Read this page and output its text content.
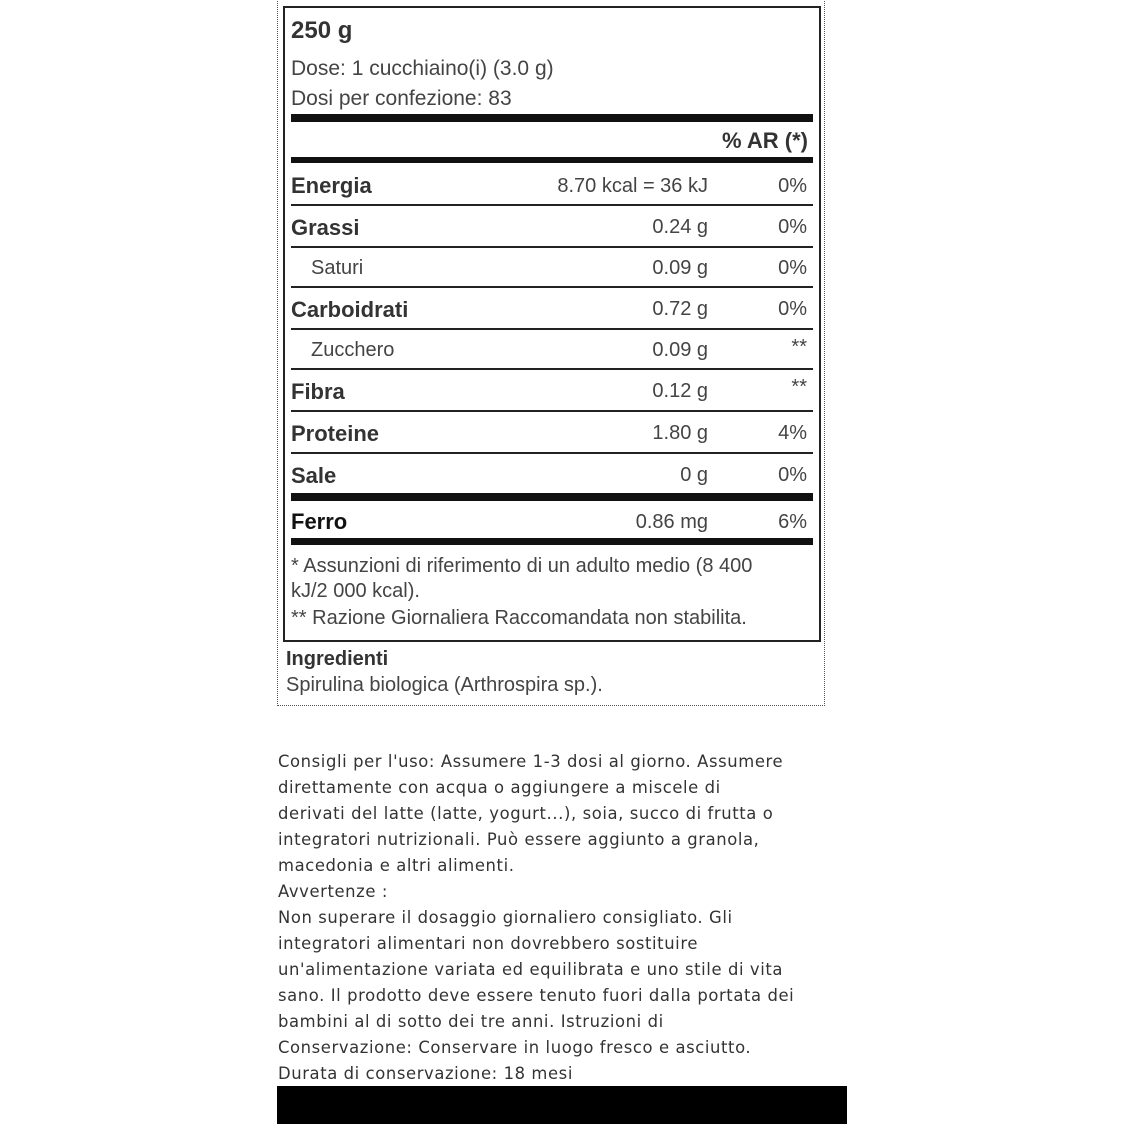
250 g
Dose: 1 cucchiaino(i) (3.0 g)
Dosi per confezione: 83
% AR (*)
Energia	8.70 kcal = 36 kJ	0%
Grassi	0.24 g	0%
Saturi	0.09 g	0%
Carboidrati	0.72 g	0%
Zucchero	0.09 g	**
Fibra	0.12 g	**
Proteine	1.80 g	4%
Sale	0 g	0%
Ferro	0.86 mg	6%
* Assunzioni di riferimento di un adulto medio (8 400
kJ/2 000 kcal).
** Razione Giornaliera Raccomandata non stabilita.
Ingredienti
Spirulina biologica (Arthrospira sp.).
Consigli per l'uso: Assumere 1-3 dosi al giorno. Assumere
direttamente con acqua o aggiungere a miscele di
derivati del latte (latte, yogurt...), soia, succo di frutta o
integratori nutrizionali. Può essere aggiunto a granola,
macedonia e altri alimenti.
Avvertenze :
Non superare il dosaggio giornaliero consigliato. Gli
integratori alimentari non dovrebbero sostituire
un'alimentazione variata ed equilibrata e uno stile di vita
sano. Il prodotto deve essere tenuto fuori dalla portata dei
bambini al di sotto dei tre anni. Istruzioni di
Conservazione: Conservare in luogo fresco e asciutto.
Durata di conservazione: 18 mesi
